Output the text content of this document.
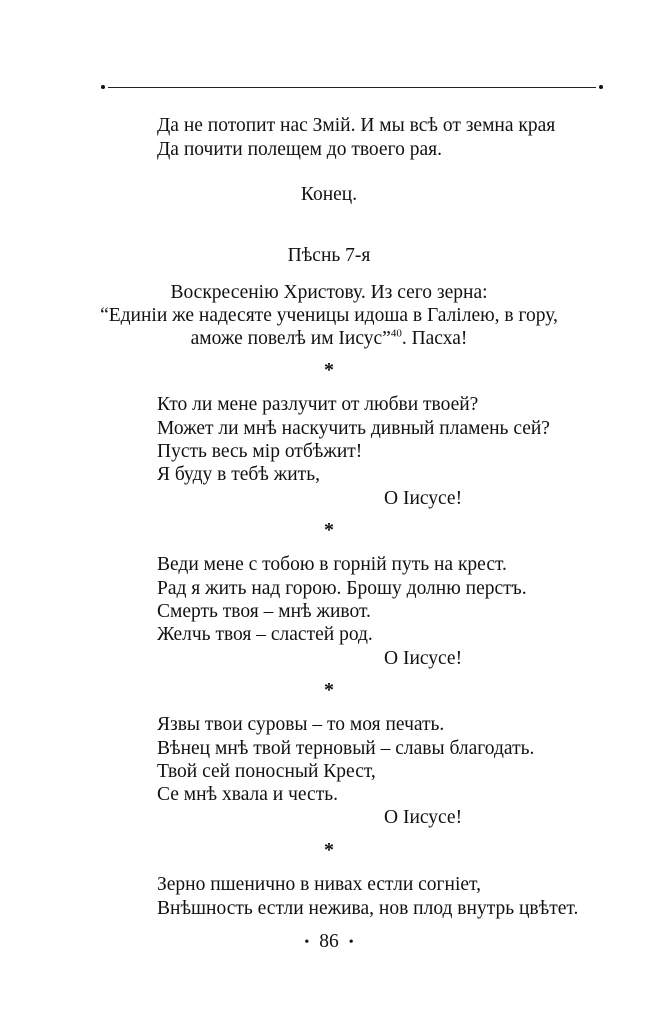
Да не потопит нас Змій. И мы всѣ от земна края
Да почити полещем до твоего рая.
Конец.
Пѣснь 7-я
Воскресенію Христову. Из сего зерна:
“Единіи же надесяте ученицы идоша в Галілею, в гору,
аможе повелѣ им Іисус”$^{40}$. Пасха!
*
Кто ли мене разлучит от любви твоей?
Может ли мнѣ наскучить дивный пламень сей?
Пусть весь мір отбѣжит!
Я буду в тебѣ жить,
О Іисусе!
*
Веди мене с тобою в горній путь на крест.
Рад я жить над горою. Брошу долню перстъ.
Смерть твоя – мнѣ живот.
Желчь твоя – сластей род.
О Іисусе!
*
Язвы твои суровы – то моя печать.
Вѣнец мнѣ твой терновый – славы благодать.
Твой сей поносный Крест,
Се мнѣ хвала и честь.
О Іисусе!
*
Зерно пшенично в нивах естли согніет,
Внѣшность естли нежива, нов плод внутрь цвѣтет.
• 86 •
